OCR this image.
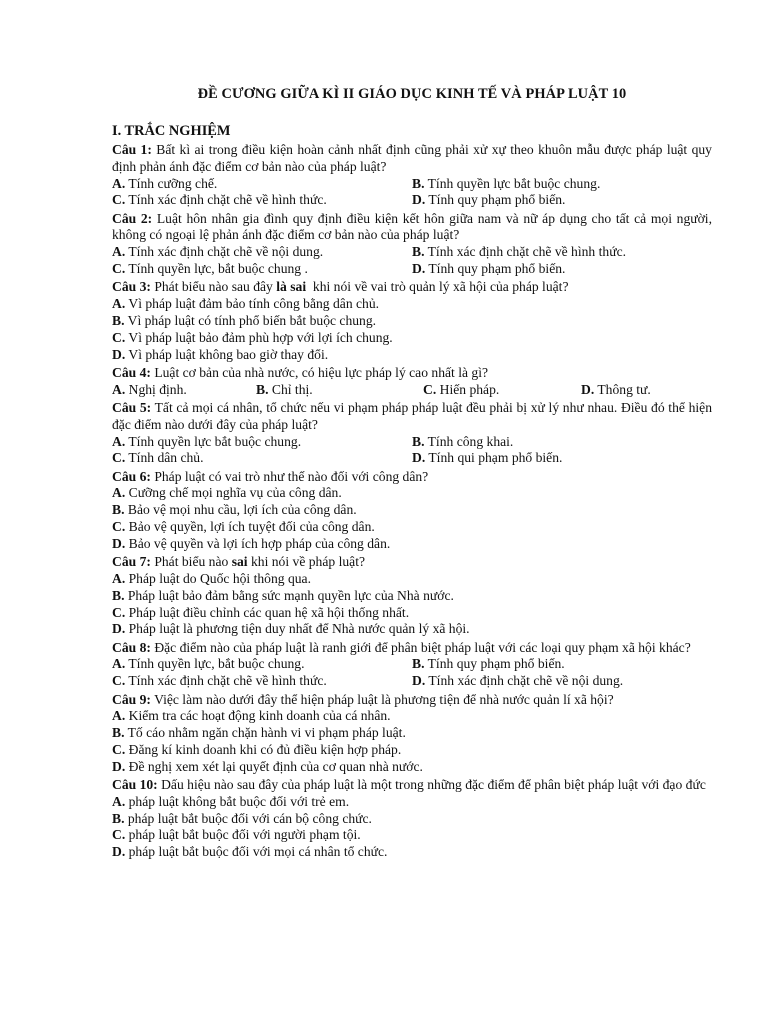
ĐỀ CƯƠNG GIỮA KÌ II GIÁO DỤC KINH TẾ VÀ PHÁP LUẬT 10
I. TRẮC NGHIỆM
Câu 1: Bất kì ai trong điều kiện hoàn cảnh nhất định cũng phải xử xự theo khuôn mẫu được pháp luật quy định phản ánh đặc điểm cơ bản nào của pháp luật?
A. Tính cưỡng chế.	B. Tính quyền lực bắt buộc chung.
C. Tính xác định chặt chẽ về hình thức.	D. Tính quy phạm phổ biến.
Câu 2: Luật hôn nhân gia đình quy định điều kiện kết hôn giữa nam và nữ áp dụng cho tất cả mọi người, không có ngoại lệ phản ánh đặc điểm cơ bản nào của pháp luật?
A. Tính xác định chặt chẽ về nội dung.	B. Tính xác định chặt chẽ về hình thức.
C. Tính quyền lực, bắt buộc chung .	D. Tính quy phạm phổ biến.
Câu 3: Phát biểu nào sau đây là sai  khi nói về vai trò quản lý xã hội của pháp luật?
A. Vì pháp luật đảm bảo tính công bằng dân chủ.
B. Vì pháp luật có tính phổ biến bắt buộc chung.
C. Vì pháp luật bảo đảm phù hợp với lợi ích chung.
D. Vì pháp luật không bao giờ thay đổi.
Câu 4: Luật cơ bản của nhà nước, có hiệu lực pháp lý cao nhất là gì?
A. Nghị định.	B. Chỉ thị.	C. Hiến pháp.	D. Thông tư.
Câu 5: Tất cả mọi cá nhân, tổ chức nếu vi phạm pháp pháp luật đều phải bị xử lý như nhau. Điều đó thể hiện đặc điểm nào dưới đây của pháp luật?
A. Tính quyền lực bắt buộc chung.	B. Tính công khai.
C. Tính dân chủ.	D. Tính qui phạm phổ biến.
Câu 6: Pháp luật có vai trò như thế nào đối với công dân?
A. Cưỡng chế mọi nghĩa vụ của công dân.
B. Bảo vệ mọi nhu cầu, lợi ích của công dân.
C. Bảo vệ quyền, lợi ích tuyệt đối của công dân.
D. Bảo vệ quyền và lợi ích hợp pháp của công dân.
Câu 7: Phát biểu nào sai khi nói về pháp luật?
A. Pháp luật do Quốc hội thông qua.
B. Pháp luật bảo đảm bằng sức mạnh quyền lực của Nhà nước.
C. Pháp luật điều chỉnh các quan hệ xã hội thống nhất.
D. Pháp luật là phương tiện duy nhất để Nhà nước quản lý xã hội.
Câu 8: Đặc điểm nào của pháp luật là ranh giới để phân biệt pháp luật với các loại quy phạm xã hội khác?
A. Tính quyền lực, bắt buộc chung.	B. Tính quy phạm phổ biến.
C. Tính xác định chặt chẽ về hình thức.	D. Tính xác định chặt chẽ về nội dung.
Câu 9: Việc làm nào dưới đây thể hiện pháp luật là phương tiện để nhà nước quản lí xã hội?
A. Kiểm tra các hoạt động kinh doanh của cá nhân.
B. Tố cáo nhằm ngăn chặn hành vi vi phạm pháp luật.
C. Đăng kí kinh doanh khi có đủ điều kiện hợp pháp.
D. Đề nghị xem xét lại quyết định của cơ quan nhà nước.
Câu 10: Dấu hiệu nào sau đây của pháp luật là một trong những đặc điểm để phân biệt pháp luật với đạo đức
A. pháp luật không bắt buộc đối với trẻ em.
B. pháp luật bắt buộc đối với cán bộ công chức.
C. pháp luật bắt buộc đối với người phạm tội.
D. pháp luật bắt buộc đối với mọi cá nhân tổ chức.
